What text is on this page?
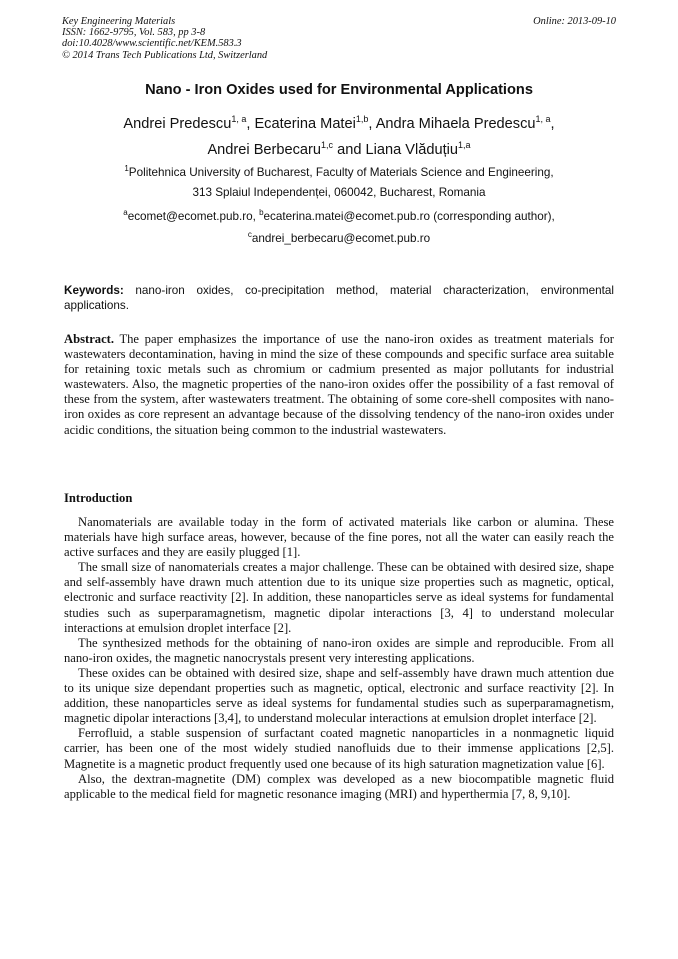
Key Engineering Materials
ISSN: 1662-9795, Vol. 583, pp 3-8
doi:10.4028/www.scientific.net/KEM.583.3
© 2014 Trans Tech Publications Ltd, Switzerland
Online: 2013-09-10
Nano - Iron Oxides used for Environmental Applications
Andrei Predescu$^{1, a}$, Ecaterina Matei$^{1,b}$, Andra Mihaela Predescu$^{1, a}$,
Andrei Berbecaru$^{1,c}$ and Liana Vlăduțiu$^{1,a}$
$^1$Politehnica University of Bucharest, Faculty of Materials Science and Engineering,
313 Splaiul Independenței, 060042, Bucharest, Romania
$^a$ecomet@ecomet.pub.ro, $^b$ecaterina.matei@ecomet.pub.ro (corresponding author),
$^c$andrei_berbecaru@ecomet.pub.ro
Keywords: nano-iron oxides, co-precipitation method, material characterization, environmental applications.
Abstract. The paper emphasizes the importance of use the nano-iron oxides as treatment materials for wastewaters decontamination, having in mind the size of these compounds and specific surface area suitable for retaining toxic metals such as chromium or cadmium presented as major pollutants for industrial wastewaters. Also, the magnetic properties of the nano-iron oxides offer the possibility of a fast removal of these from the system, after wastewaters treatment. The obtaining of some core-shell composites with nano-iron oxides as core represent an advantage because of the dissolving tendency of the nano-iron oxides under acidic conditions, the situation being common to the industrial wastewaters.
Introduction

Nanomaterials are available today in the form of activated materials like carbon or alumina. These materials have high surface areas, however, because of the fine pores, not all the water can easily reach the active surfaces and they are easily plugged [1].

The small size of nanomaterials creates a major challenge. These can be obtained with desired size, shape and self-assembly have drawn much attention due to its unique size properties such as magnetic, optical, electronic and surface reactivity [2]. In addition, these nanoparticles serve as ideal systems for fundamental studies such as superparamagnetism, magnetic dipolar interactions [3, 4] to understand molecular interactions at emulsion droplet interface [2].

The synthesized methods for the obtaining of nano-iron oxides are simple and reproducible. From all nano-iron oxides, the magnetic nanocrystals present very interesting applications.

These oxides can be obtained with desired size, shape and self-assembly have drawn much attention due to its unique size dependant properties such as magnetic, optical, electronic and surface reactivity [2]. In addition, these nanoparticles serve as ideal systems for fundamental studies such as superparamagnetism, magnetic dipolar interactions [3,4], to understand molecular interactions at emulsion droplet interface [2].

Ferrofluid, a stable suspension of surfactant coated magnetic nanoparticles in a nonmagnetic liquid carrier, has been one of the most widely studied nanofluids due to their immense applications [2,5]. Magnetite is a magnetic product frequently used one because of its high saturation magnetization value [6].

Also, the dextran-magnetite (DM) complex was developed as a new biocompatible magnetic fluid applicable to the medical field for magnetic resonance imaging (MRI) and hyperthermia [7, 8, 9,10].
